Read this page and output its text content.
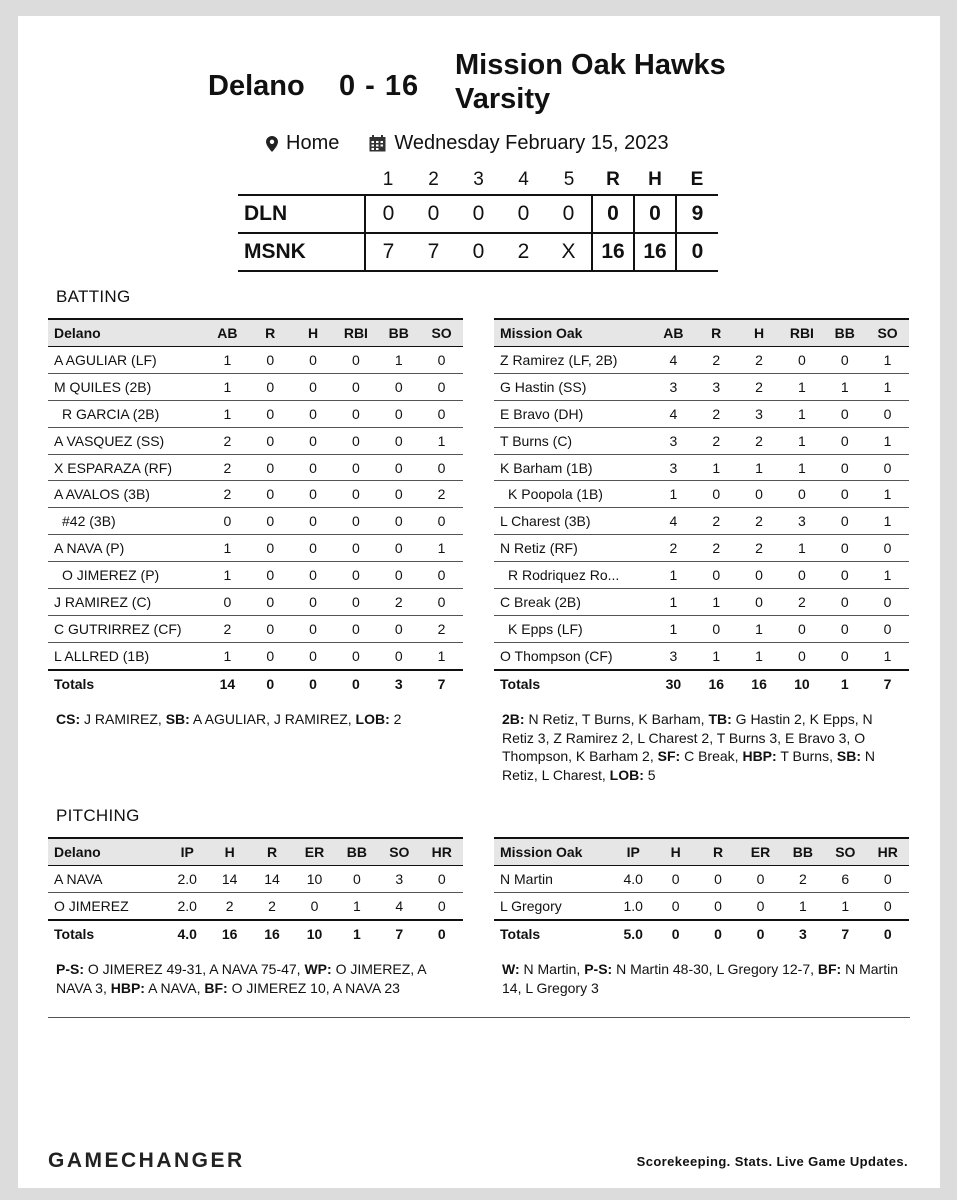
Delano 0 - 16
Mission Oak Hawks Varsity
Home	Wednesday February 15, 2023
	1	2	3	4	5	R	H	E
DLN	0	0	0	0	0	0	0	9
MSNK	7	7	0	2	X	16	16	0
BATTING
Delano	AB	R	H	RBI	BB	SO
A AGULIAR (LF)	1	0	0	0	1	0
M QUILES (2B)	1	0	0	0	0	0
R GARCIA (2B)	1	0	0	0	0	0
A VASQUEZ (SS)	2	0	0	0	0	1
X ESPARAZA (RF)	2	0	0	0	0	0
A AVALOS (3B)	2	0	0	0	0	2
#42 (3B)	0	0	0	0	0	0
A NAVA (P)	1	0	0	0	0	1
O JIMEREZ (P)	1	0	0	0	0	0
J RAMIREZ (C)	0	0	0	0	2	0
C GUTRIRREZ (CF)	2	0	0	0	0	2
L ALLRED (1B)	1	0	0	0	0	1
Totals	14	0	0	0	3	7
CS: J RAMIREZ, SB: A AGULIAR, J RAMIREZ, LOB: 2
Mission Oak	AB	R	H	RBI	BB	SO
Z Ramirez (LF, 2B)	4	2	2	0	0	1
G Hastin (SS)	3	3	2	1	1	1
E Bravo (DH)	4	2	3	1	0	0
T Burns (C)	3	2	2	1	0	1
K Barham (1B)	3	1	1	1	0	0
K Poopola (1B)	1	0	0	0	0	1
L Charest (3B)	4	2	2	3	0	1
N Retiz (RF)	2	2	2	1	0	0
R Rodriquez Ro...	1	0	0	0	0	1
C Break (2B)	1	1	0	2	0	0
K Epps (LF)	1	0	1	0	0	0
O Thompson (CF)	3	1	1	0	0	1
Totals	30	16	16	10	1	7
2B: N Retiz, T Burns, K Barham, TB: G Hastin 2, K Epps, N Retiz 3, Z Ramirez 2, L Charest 2, T Burns 3, E Bravo 3, O Thompson, K Barham 2, SF: C Break, HBP: T Burns, SB: N Retiz, L Charest, LOB: 5
PITCHING
Delano	IP	H	R	ER	BB	SO	HR
A NAVA	2.0	14	14	10	0	3	0
O JIMEREZ	2.0	2	2	0	1	4	0
Totals	4.0	16	16	10	1	7	0
P-S: O JIMEREZ 49-31, A NAVA 75-47, WP: O JIMEREZ, A NAVA 3, HBP: A NAVA, BF: O JIMEREZ 10, A NAVA 23
Mission Oak	IP	H	R	ER	BB	SO	HR
N Martin	4.0	0	0	0	2	6	0
L Gregory	1.0	0	0	0	1	1	0
Totals	5.0	0	0	0	3	7	0
W: N Martin, P-S: N Martin 48-30, L Gregory 12-7, BF: N Martin 14, L Gregory 3
GAMECHANGER	Scorekeeping. Stats. Live Game Updates.
